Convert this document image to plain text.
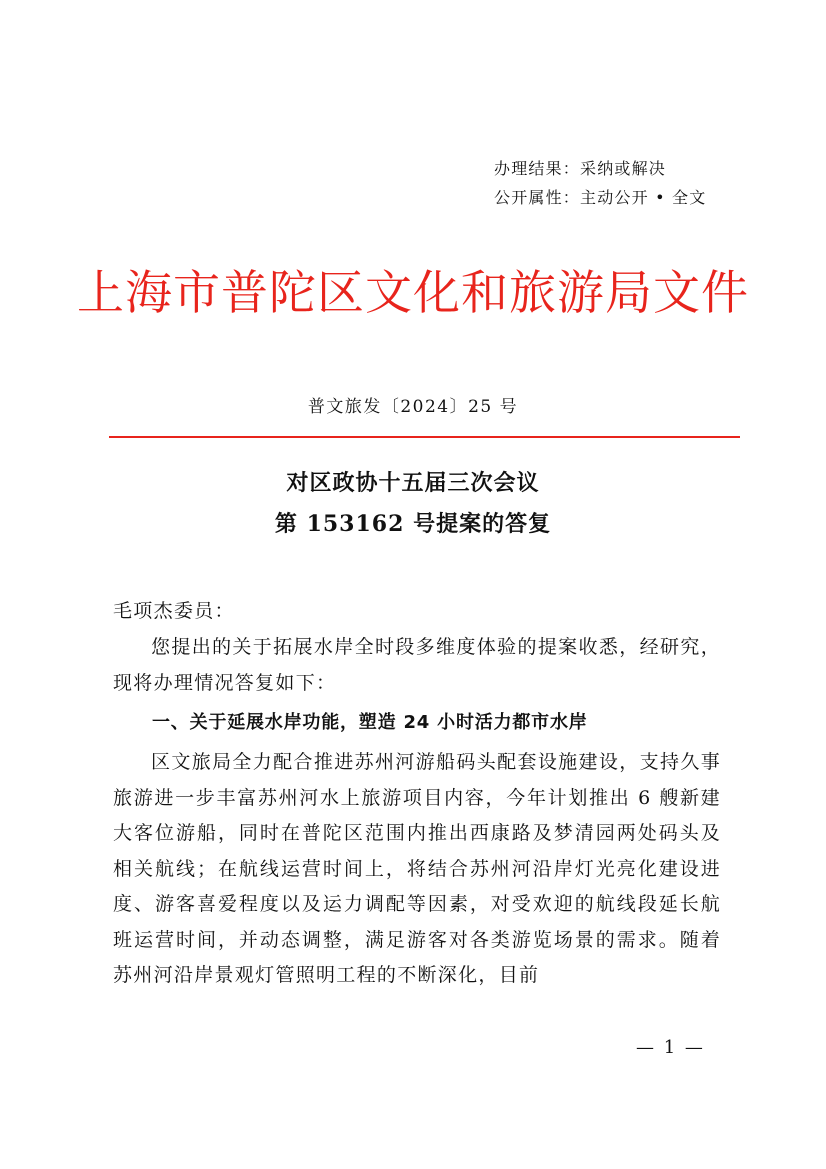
办理结果：采纳或解决
公开属性：主动公开 • 全文
上海市普陀区文化和旅游局文件
普文旅发〔2024〕25 号
对区政协十五届三次会议
第 153162 号提案的答复
毛项杰委员：
您提出的关于拓展水岸全时段多维度体验的提案收悉，经研究，现将办理情况答复如下：
一、关于延展水岸功能，塑造 24 小时活力都市水岸
区文旅局全力配合推进苏州河游船码头配套设施建设，支持久事旅游进一步丰富苏州河水上旅游项目内容，今年计划推出 6 艘新建大客位游船，同时在普陀区范围内推出西康路及梦清园两处码头及相关航线；在航线运营时间上，将结合苏州河沿岸灯光亮化建设进度、游客喜爱程度以及运力调配等因素，对受欢迎的航线段延长航班运营时间，并动态调整，满足游客对各类游览场景的需求。随着苏州河沿岸景观灯管照明工程的不断深化，目前
— 1 —
